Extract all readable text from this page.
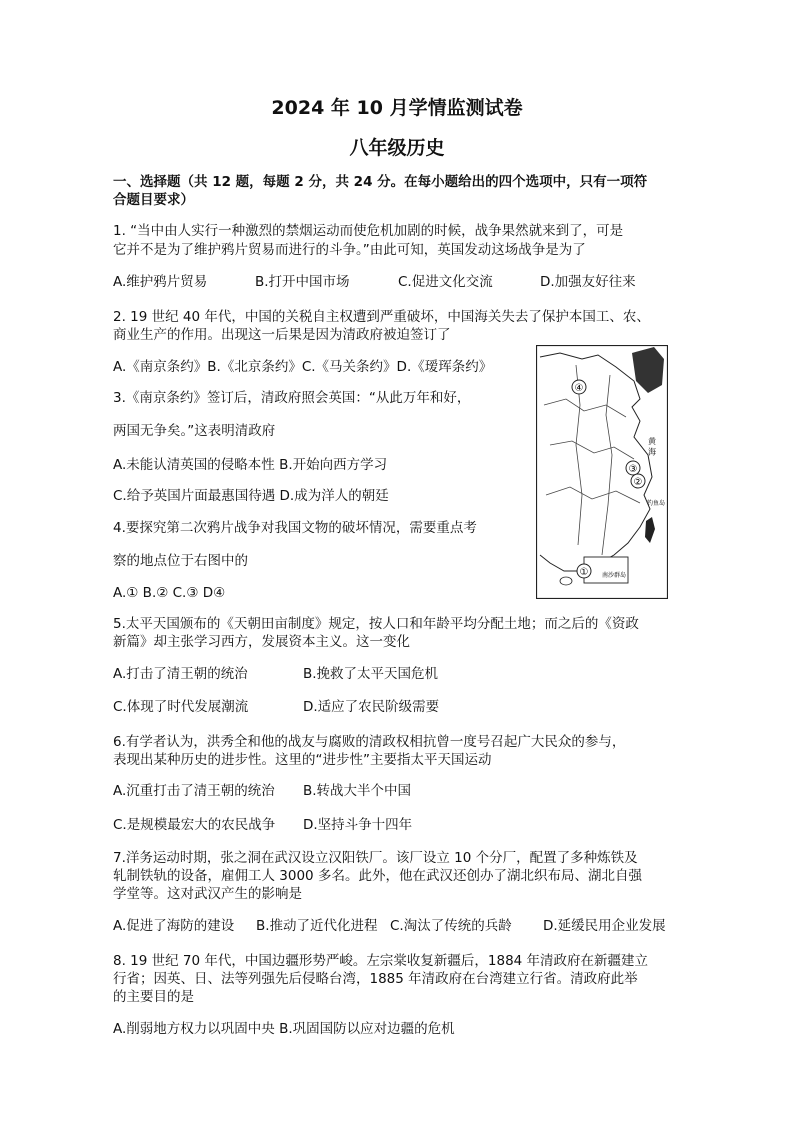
2024 年 10 月学情监测试卷
八年级历史
一、选择题（共 12 题，每题 2 分，共 24 分。在每小题给出的四个选项中，只有一项符
合题目要求）
1. “当中由人实行一种激烈的禁烟运动而使危机加剧的时候，战争果然就来到了，可是
它并不是为了维护鸦片贸易而进行的斗争。”由此可知，英国发动这场战争是为了
A.维护鸦片贸易	B.打开中国市场	C.促进文化交流	D.加强友好往来
2. 19 世纪 40 年代，中国的关税自主权遭到严重破坏，中国海关失去了保护本国工、农、
商业生产的作用。出现这一后果是因为清政府被迫签订了
A.《南京条约》B.《北京条约》C.《马关条约》D.《瑷珲条约》
3.《南京条约》签订后，清政府照会英国：“从此万年和好，
两国无争矣。”这表明清政府
A.未能认清英国的侵略本性 B.开始向西方学习
C.给予英国片面最惠国待遇 D.成为洋人的朝廷
4.要探究第二次鸦片战争对我国文物的破坏情况，需要重点考
察的地点位于右图中的
A.① B.② C.③ D④
④
③
②
①
黄 海
钓鱼岛
南沙群岛
5.太平天国颁布的《天朝田亩制度》规定，按人口和年龄平均分配土地；而之后的《资政
新篇》却主张学习西方，发展资本主义。这一变化
A.打击了清王朝的统治	B.挽救了太平天国危机
C.体现了时代发展潮流	D.适应了农民阶级需要
6.有学者认为，洪秀全和他的战友与腐败的清政权相抗曾一度号召起广大民众的参与，
表现出某种历史的进步性。这里的“进步性”主要指太平天国运动
A.沉重打击了清王朝的统治 B.转战大半个中国
C.是规模最宏大的农民战争 D.坚持斗争十四年
7.洋务运动时期，张之洞在武汉设立汉阳铁厂。该厂设立 10 个分厂，配置了多种炼铁及
轧制铁轨的设备，雇佣工人 3000 多名。此外，他在武汉还创办了湖北织布局、湖北自强
学堂等。这对武汉产生的影响是
A.促进了海防的建设 B.推动了近代化进程 C.淘汰了传统的兵龄 D.延缓民用企业发展
8. 19 世纪 70 年代，中国边疆形势严峻。左宗棠收复新疆后，1884 年清政府在新疆建立
行省；因英、日、法等列强先后侵略台湾，1885 年清政府在台湾建立行省。清政府此举
的主要目的是
A.削弱地方权力以巩固中央 B.巩固国防以应对边疆的危机
